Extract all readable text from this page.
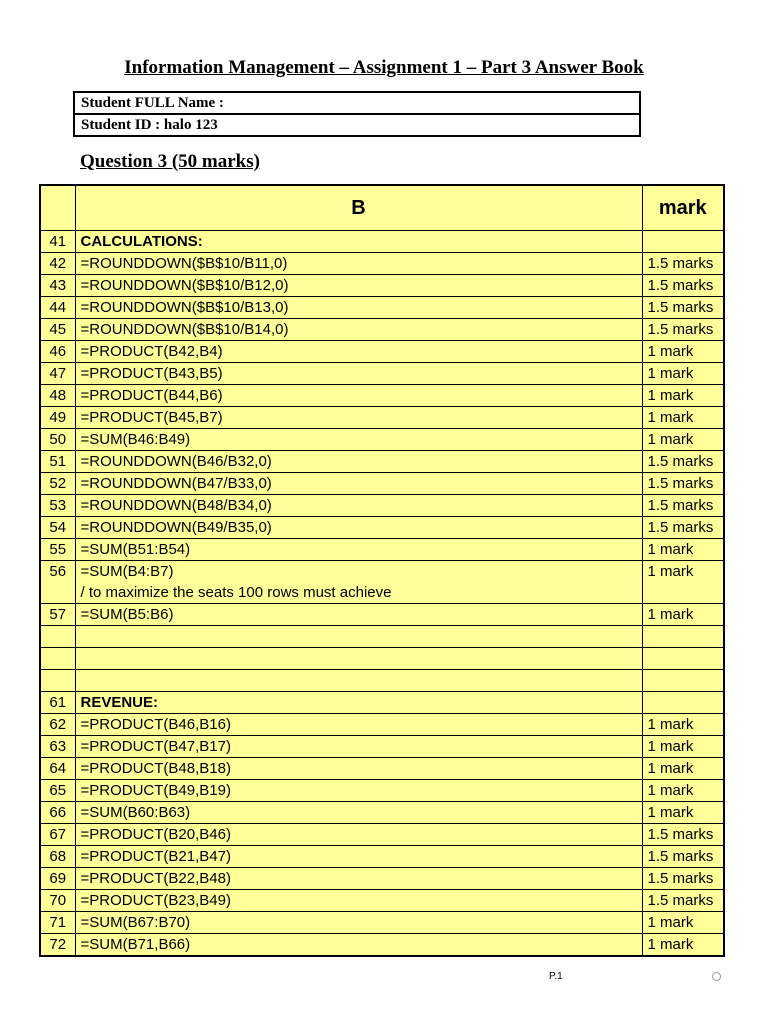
Information Management – Assignment 1 – Part 3 Answer Book
Student FULL Name :
Student ID : halo 123
Question 3 (50 marks)
	B	mark
41	CALCULATIONS:	
42	=ROUNDDOWN($B$10/B11,0)	1.5 marks
43	=ROUNDDOWN($B$10/B12,0)	1.5 marks
44	=ROUNDDOWN($B$10/B13,0)	1.5 marks
45	=ROUNDDOWN($B$10/B14,0)	1.5 marks
46	=PRODUCT(B42,B4)	1 mark
47	=PRODUCT(B43,B5)	1 mark
48	=PRODUCT(B44,B6)	1 mark
49	=PRODUCT(B45,B7)	1 mark
50	=SUM(B46:B49)	1 mark
51	=ROUNDDOWN(B46/B32,0)	1.5 marks
52	=ROUNDDOWN(B47/B33,0)	1.5 marks
53	=ROUNDDOWN(B48/B34,0)	1.5 marks
54	=ROUNDDOWN(B49/B35,0)	1.5 marks
55	=SUM(B51:B54)	1 mark
56	=SUM(B4:B7)
/ to maximize the seats 100 rows must achieve	1 mark
57	=SUM(B5:B6)	1 mark

61	REVENUE:	
62	=PRODUCT(B46,B16)	1 mark
63	=PRODUCT(B47,B17)	1 mark
64	=PRODUCT(B48,B18)	1 mark
65	=PRODUCT(B49,B19)	1 mark
66	=SUM(B60:B63)	1 mark
67	=PRODUCT(B20,B46)	1.5 marks
68	=PRODUCT(B21,B47)	1.5 marks
69	=PRODUCT(B22,B48)	1.5 marks
70	=PRODUCT(B23,B49)	1.5 marks
71	=SUM(B67:B70)	1 mark
72	=SUM(B71,B66)	1 mark
P.1
